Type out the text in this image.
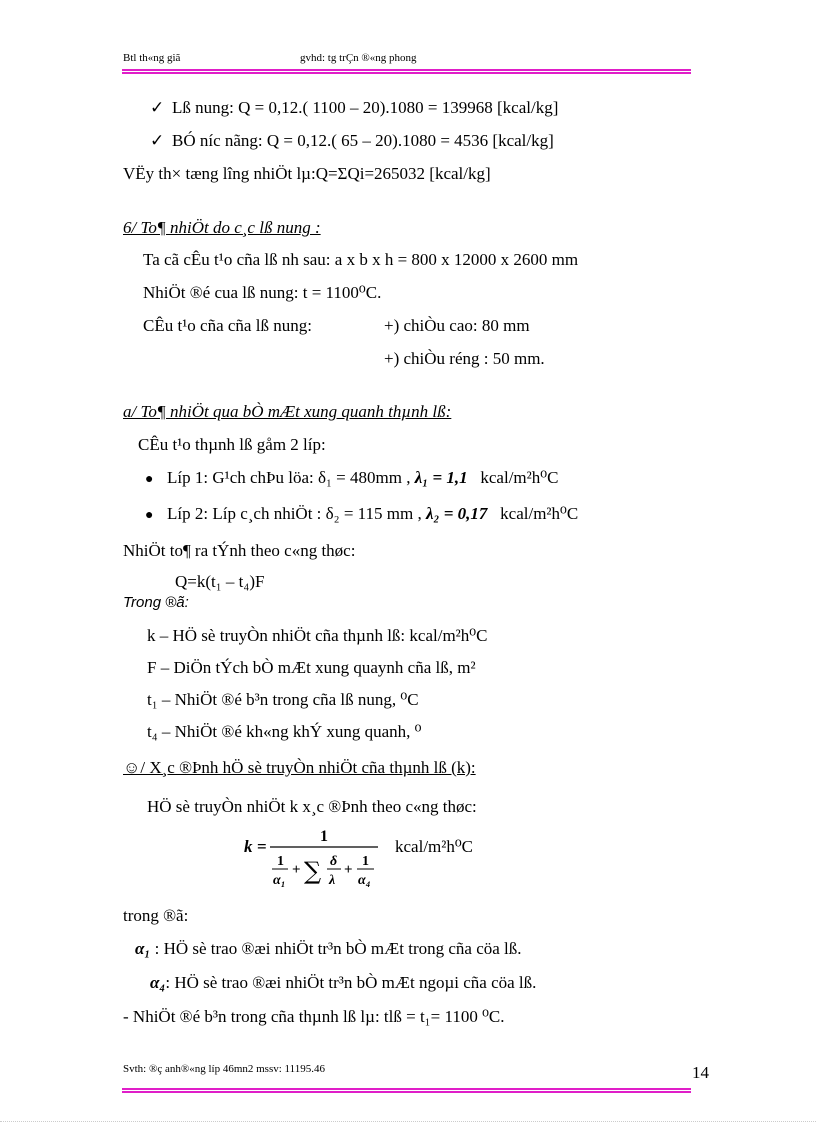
Btl th«ng giã	gvhd: tg trÇn ®«ng phong
✓ Lß nung: Q = 0,12.( 1100 – 20).1080 = 139968 [kcal/kg]
✓ BÓ níc nãng: Q = 0,12.( 65 – 20).1080 = 4536 [kcal/kg]
VËy th× tæng lîng nhiÖt lµ:Q=ΣQi=265032 [kcal/kg]
6/ To¶ nhiÖt do c¸c lß nung :
Ta cã cÊu t¹o cña lß nh sau: a x b x h = 800 x 12000 x 2600 mm
NhiÖt ®é cua lß nung: t = 1100⁰C.
CÊu t¹o cña cña lß nung:	+) chiÒu cao: 80 mm
+) chiÒu réng : 50 mm.
a/ To¶ nhiÖt qua bÒ mÆt xung quanh thµnh lß:
CÊu t¹o thµnh lß gåm 2 líp:
● Líp 1: G¹ch chÞu löa: δ₁ = 480mm , λ₁ = 1,1 kcal/m²h⁰C
● Líp 2: Líp c¸ch nhiÖt : δ₂ = 115 mm , λ₂ = 0,17 kcal/m²h⁰C
NhiÖt to¶ ra tÝnh theo c«ng thøc:
Q=k(t₁ – t₄)F
Trong ®ã:
k – HÖ sè truyÒn nhiÖt cña thµnh lß: kcal/m²h⁰C
F – DiÖn tÝch bÒ mÆt xung quaynh cña lß, m²
t₁ – NhiÖt ®é b³n trong cña lß nung, ⁰C
t₄ – NhiÖt ®é kh«ng khÝ xung quanh, ⁰
☺/ X¸c ®Þnh hÖ sè truyÒn nhiÖt cña thµnh lß (k):
HÖ sè truyÒn nhiÖt k x¸c ®Þnh theo c«ng thøc:
k =
1
1
α₁
+ ∑ δ
λ
+
1
α₄
kcal/m²h⁰C
trong ®ã:
α₁ : HÖ sè trao ®æi nhiÖt tr³n bÒ mÆt trong cña cöa lß.
α₄: HÖ sè trao ®æi nhiÖt tr³n bÒ mÆt ngoµi cña cöa lß.
- NhiÖt ®é b³n trong cña thµnh lß lµ: tlß = t₁= 1100 ⁰C.
Svth: ®ç anh®«ng líp 46mn2 mssv: 11195.46	14
